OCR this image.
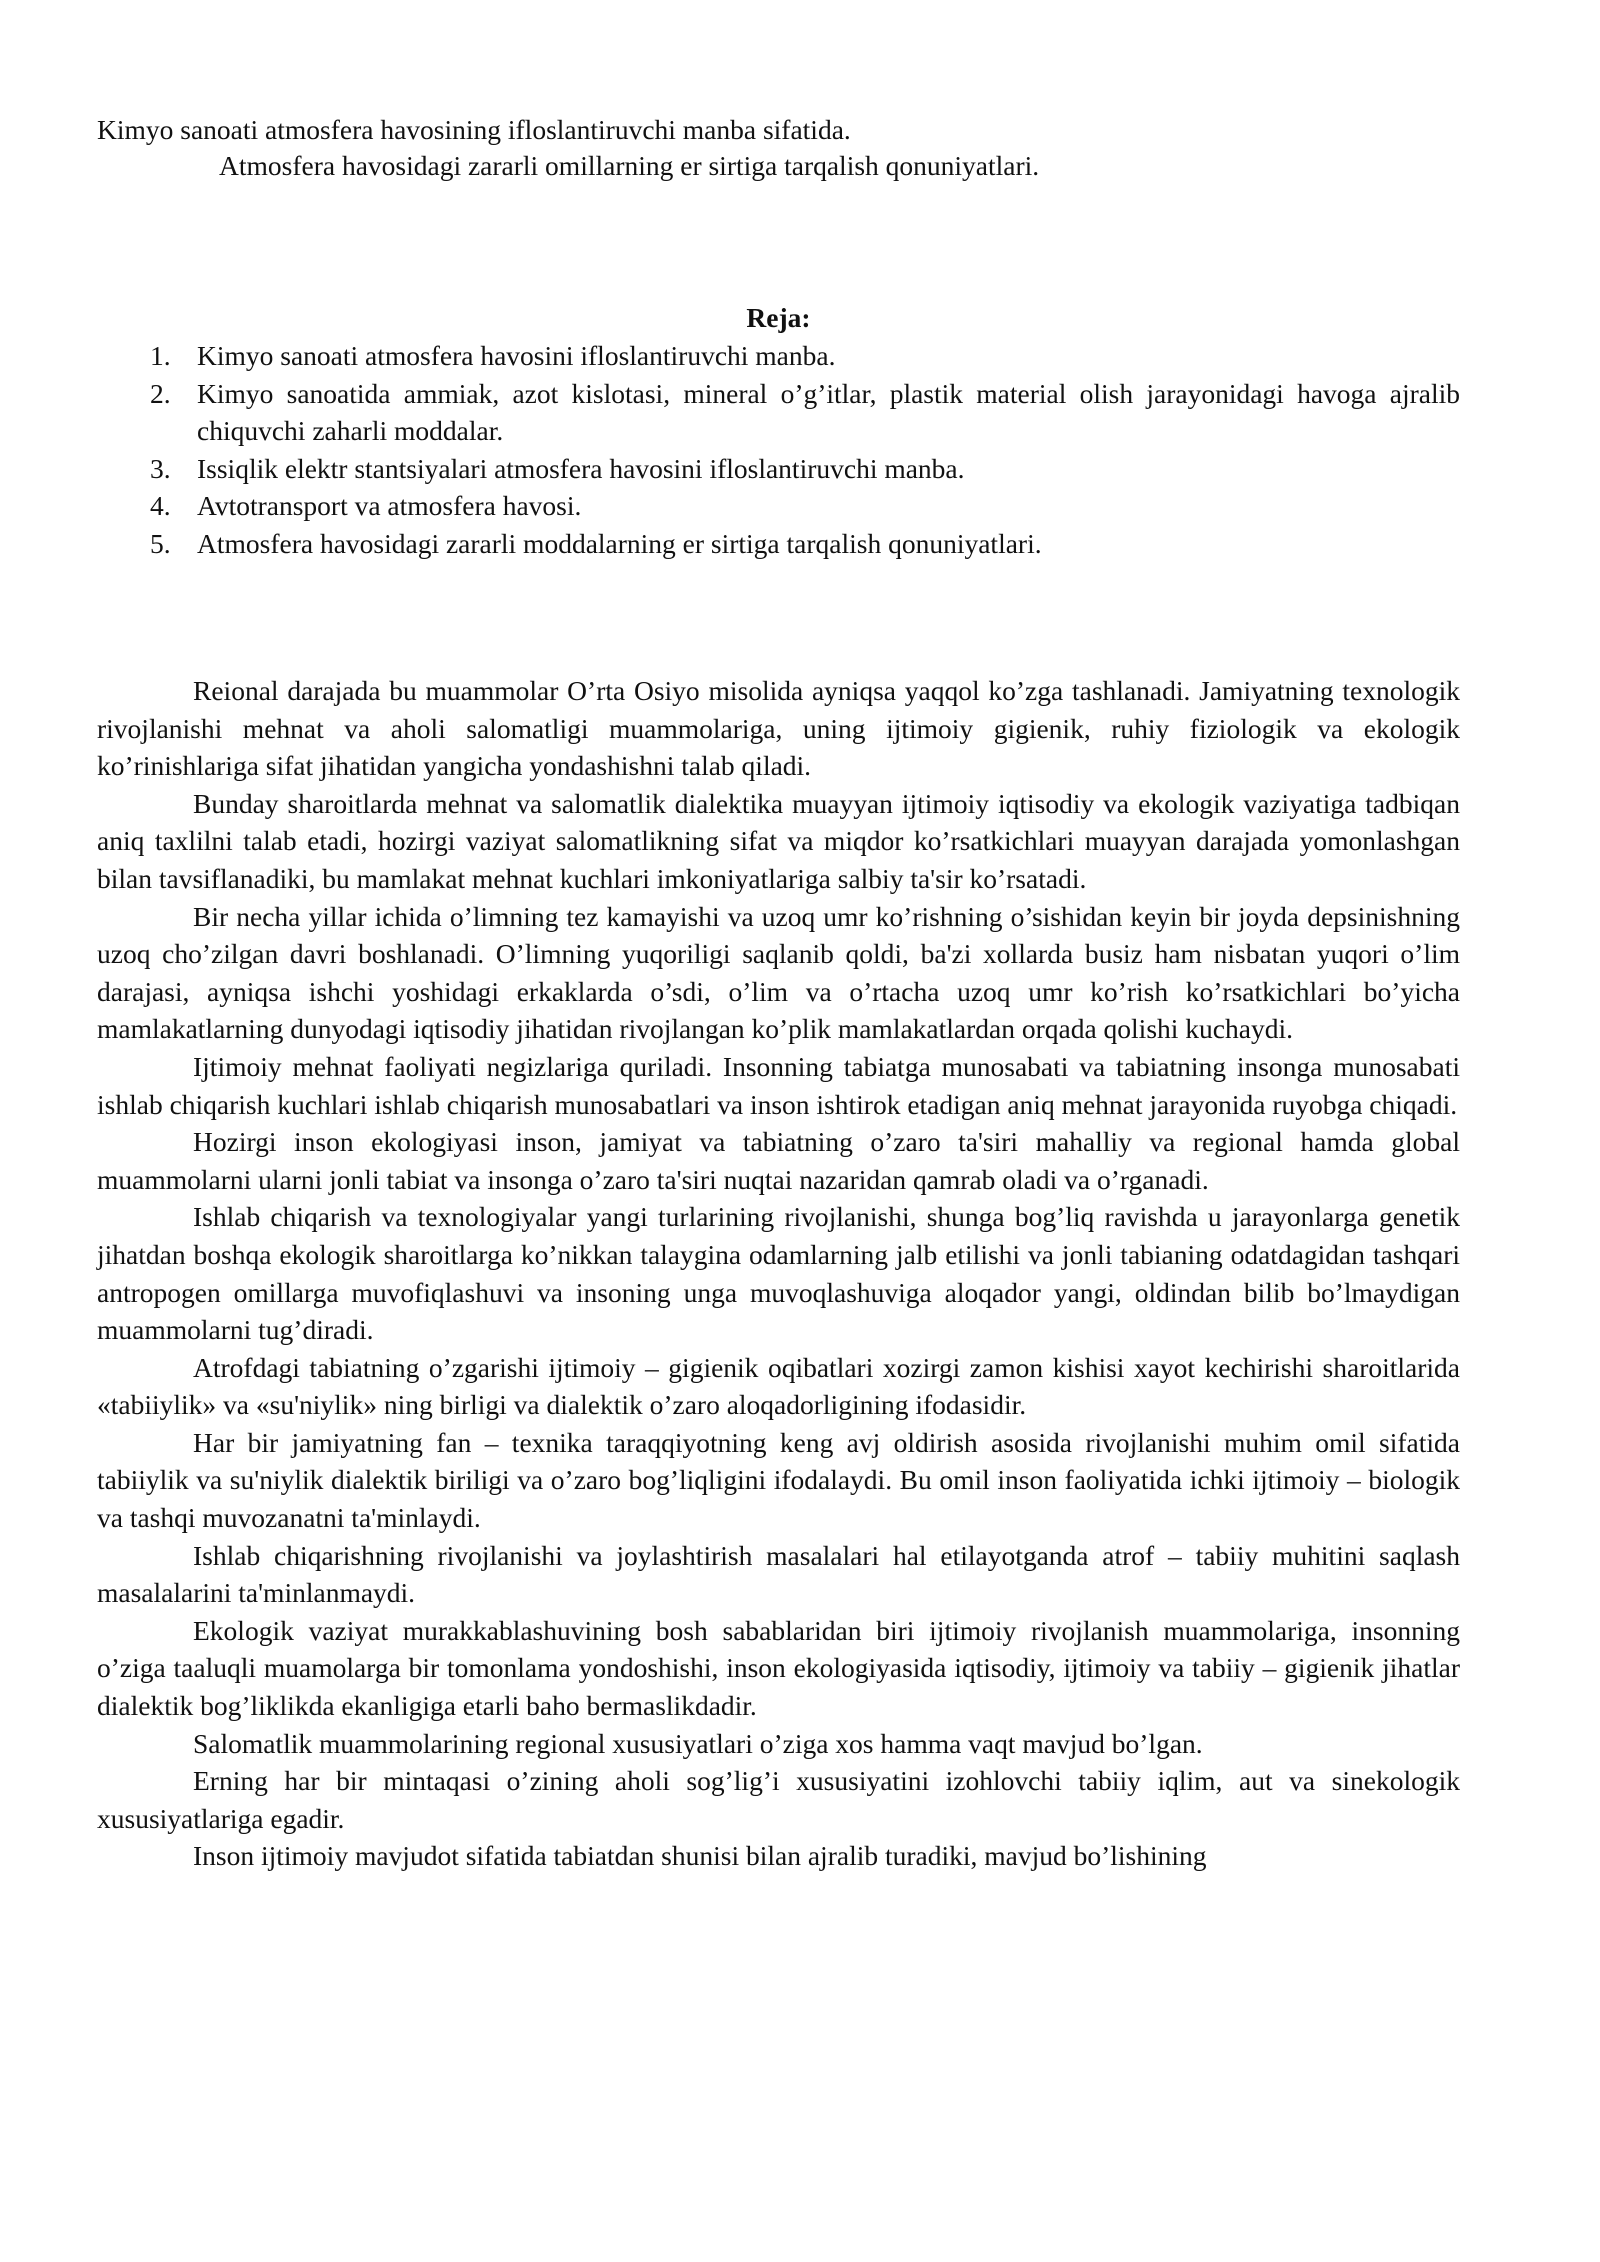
Kimyo sanoati atmosfera havosining ifloslantiruvchi manba sifatida.

Atmosfera havosidagi zararli omillarning er sirtiga tarqalish qonuniyatlari.

Reja:

1. Kimyo sanoati atmosfera havosini ifloslantiruvchi manba.
2. Kimyo sanoatida ammiak, azot kislotasi, mineral o’g’itlar, plastik material olish jarayonidagi havoga ajralib chiquvchi zaharli moddalar.
3. Issiqlik elektr stantsiyalari atmosfera havosini ifloslantiruvchi manba.
4. Avtotransport va atmosfera havosi.
5. Atmosfera havosidagi zararli moddalarning er sirtiga tarqalish qonuniyatlari.

Reional darajada bu muammolar O’rta Osiyo misolida ayniqsa yaqqol ko’zga tashlanadi. Jamiyatning texnologik rivojlanishi mehnat va aholi salomatligi muammolariga, uning ijtimoiy gigienik, ruhiy fiziologik va ekologik ko’rinishlariga sifat jihatidan yangicha yondashishni talab qiladi.

Bunday sharoitlarda mehnat va salomatlik dialektika muayyan ijtimoiy iqtisodiy va ekologik vaziyatiga tadbiqan aniq taxlilni talab etadi, hozirgi vaziyat salomatlikning sifat va miqdor ko’rsatkichlari muayyan darajada yomonlashgan bilan tavsiflanadiki, bu mamlakat mehnat kuchlari imkoniyatlariga salbiy ta'sir ko’rsatadi.

Bir necha yillar ichida o’limning tez kamayishi va uzoq umr ko’rishning o’sishidan keyin bir joyda depsinishning uzoq cho’zilgan davri boshlanadi. O’limning yuqoriligi saqlanib qoldi, ba'zi xollarda busiz ham nisbatan yuqori o’lim darajasi, ayniqsa ishchi yoshidagi erkaklarda o’sdi, o’lim va o’rtacha uzoq umr ko’rish ko’rsatkichlari bo’yicha mamlakatlarning dunyodagi iqtisodiy jihatidan rivojlangan ko’plik mamlakatlardan orqada qolishi kuchaydi.

Ijtimoiy mehnat faoliyati negizlariga quriladi. Insonning tabiatga munosabati va tabiatning insonga munosabati ishlab chiqarish kuchlari ishlab chiqarish munosabatlari va inson ishtirok etadigan aniq mehnat jarayonida ruyobga chiqadi.

Hozirgi inson ekologiyasi inson, jamiyat va tabiatning o’zaro ta'siri mahalliy va regional hamda global muammolarni ularni jonli tabiat va insonga o’zaro ta'siri nuqtai nazaridan qamrab oladi va o’rganadi.

Ishlab chiqarish va texnologiyalar yangi turlarining rivojlanishi, shunga bog’liq ravishda u jarayonlarga genetik jihatdan boshqa ekologik sharoitlarga ko’nikkan talaygina odamlarning jalb etilishi va jonli tabianing odatdagidan tashqari antropogen omillarga muvofiqlashuvi va insoning unga muvoqlashuviga aloqador yangi, oldindan bilib bo’lmaydigan muammolarni tug’diradi.

Atrofdagi tabiatning o’zgarishi ijtimoiy – gigienik oqibatlari xozirgi zamon kishisi xayot kechirishi sharoitlarida «tabiiylik» va «su'niylik» ning birligi va dialektik o’zaro aloqadorligining ifodasidir.

Har bir jamiyatning fan – texnika taraqqiyotning keng avj oldirish asosida rivojlanishi muhim omil sifatida tabiiylik va su'niylik dialektik biriligi va o’zaro bog’liqligini ifodalaydi. Bu omil inson faoliyatida ichki ijtimoiy – biologik va tashqi muvozanatni ta'minlaydi.

Ishlab chiqarishning rivojlanishi va joylashtirish masalalari hal etilayotganda atrof – tabiiy muhitini saqlash masalalarini ta'minlanmaydi.

Ekologik vaziyat murakkablashuvining bosh sabablaridan biri ijtimoiy rivojlanish muammolariga, insonning o’ziga taaluqli muamolarga bir tomonlama yondoshishi, inson ekologiyasida iqtisodiy, ijtimoiy va tabiiy – gigienik jihatlar dialektik bog’liklikda ekanligiga etarli baho bermaslikdadir.

Salomatlik muammolarining regional xususiyatlari o’ziga xos hamma vaqt mavjud bo’lgan.

Erning har bir mintaqasi o’zining aholi sog’lig’i xususiyatini izohlovchi tabiiy iqlim, aut va sinekologik xususiyatlariga egadir.

Inson ijtimoiy mavjudot sifatida tabiatdan shunisi bilan ajralib turadiki, mavjud bo’lishining
